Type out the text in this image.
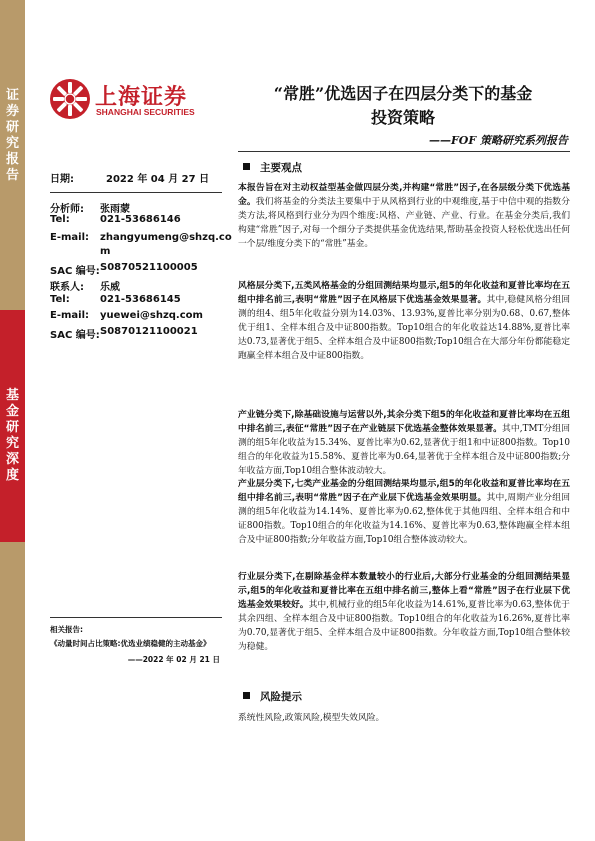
证券研究报告
基金研究深度
上海证券
SHANGHAI SECURITIES
“常胜”优选因子在四层分类下的基金
投资策略
——FOF 策略研究系列报告
日期:	2022 年 04 月 27 日
分析师: 张雨蒙
Tel:	021-53686146
E-mail: zhangyumeng@shzq.co
m
SAC 编号: S0870521100005
联系人: 乐威
Tel:	021-53686145
E-mail: yuewei@shzq.com
SAC 编号: S0870121100021
相关报告:
《动量时间占比策略:优选业绩稳健的主动基金》
——2022 年 02 月 21 日
主要观点
本报告旨在对主动权益型基金做四层分类,并构建“常胜”因子,在各层级分类下优选基金。我们将基金的分类法主要集中于从风格到行业的中观维度,基于中信中观的指数分类方法,将风格到行业分为四个维度:风格、产业链、产业、行业。在基金分类后,我们构建“常胜”因子,对每一个细分子类提供基金优选结果,帮助基金投资人轻松优选出任何一个层/维度分类下的“常胜”基金。
风格层分类下,五类风格基金的分组回测结果均显示,组5的年化收益和夏普比率均在五组中排名前三,表明“常胜”因子在风格层下优选基金效果显著。其中,稳健风格分组回测的组4、组5年化收益分别为14.03%、13.93%,夏普比率分别为0.68、0.67,整体优于组1、全样本组合及中证800指数。Top10组合的年化收益达14.88%,夏普比率达0.73,显著优于组5、全样本组合及中证800指数;Top10组合在大部分年份都能稳定跑赢全样本组合及中证800指数。
产业链分类下,除基础设施与运营以外,其余分类下组5的年化收益和夏普比率均在五组中排名前三,表征“常胜”因子在产业链层下优选基金整体效果显著。其中,TMT分组回测的组5年化收益为15.34%、夏普比率为0.62,显著优于组1和中证800指数。Top10组合的年化收益为15.58%、夏普比率为0.64,显著优于全样本组合及中证800指数;分年收益方面,Top10组合整体波动较大。
产业层分类下,七类产业基金的分组回测结果均显示,组5的年化收益和夏普比率均在五组中排名前三,表明“常胜”因子在产业层下优选基金效果明显。其中,周期产业分组回测的组5年化收益为14.14%、夏普比率为0.62,整体优于其他四组、全样本组合和中证800指数。Top10组合的年化收益为14.16%、夏普比率为0.63,整体跑赢全样本组合及中证800指数;分年收益方面,Top10组合整体波动较大。
行业层分类下,在剔除基金样本数量较小的行业后,大部分行业基金的分组回测结果显示,组5的年化收益和夏普比率在五组中排名前三,整体上看“常胜”因子在行业层下优选基金效果较好。其中,机械行业的组5年化收益为14.61%,夏普比率为0.63,整体优于其余四组、全样本组合及中证800指数。Top10组合的年化收益为16.26%,夏普比率为0.70,显著优于组5、全样本组合及中证800指数。分年收益方面,Top10组合整体较为稳健。
风险提示
系统性风险,政策风险,模型失效风险。
